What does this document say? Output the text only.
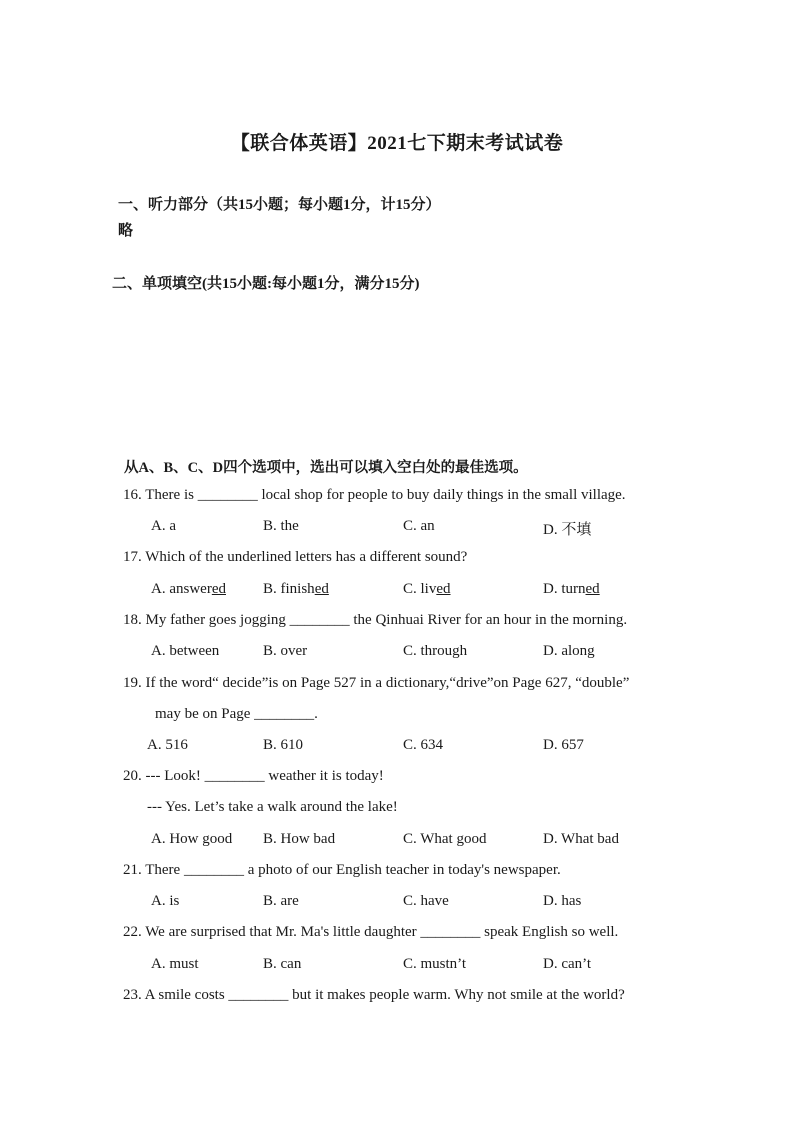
【联合体英语】2021七下期末考试试卷
一、听力部分（共15小题；每小题1分，计15分）
略
二、单项填空(共15小题:每小题1分，满分15分)
从A、B、C、D四个选项中，选出可以填入空白处的最佳选项。
16. There is ________ local shop for people to buy daily things in the small village.
A. a	B. the	C. an	D. 不填
17. Which of the underlined letters has a different sound?
A. answered B. finished	C. lived	D. turned
18. My father goes jogging ________ the Qinhuai River for an hour in the morning.
A. between	B. over	C. through	D. along
19. If the word“ decide”is on Page 527 in a dictionary,“drive”on Page 627, “double”
may be on Page ________.
A. 516	B. 610	C. 634	D. 657
20. --- Look! ________ weather it is today!
--- Yes. Let’s take a walk around the lake!
A. How good B. How bad	C. What good	D. What bad
21. There ________ a photo of our English teacher in today's newspaper.
A. is	B. are	C. have	D. has
22. We are surprised that Mr. Ma's little daughter ________ speak English so well.
A. must	B. can	C. mustn’t	D. can’t
23. A smile costs ________ but it makes people warm. Why not smile at the world?
